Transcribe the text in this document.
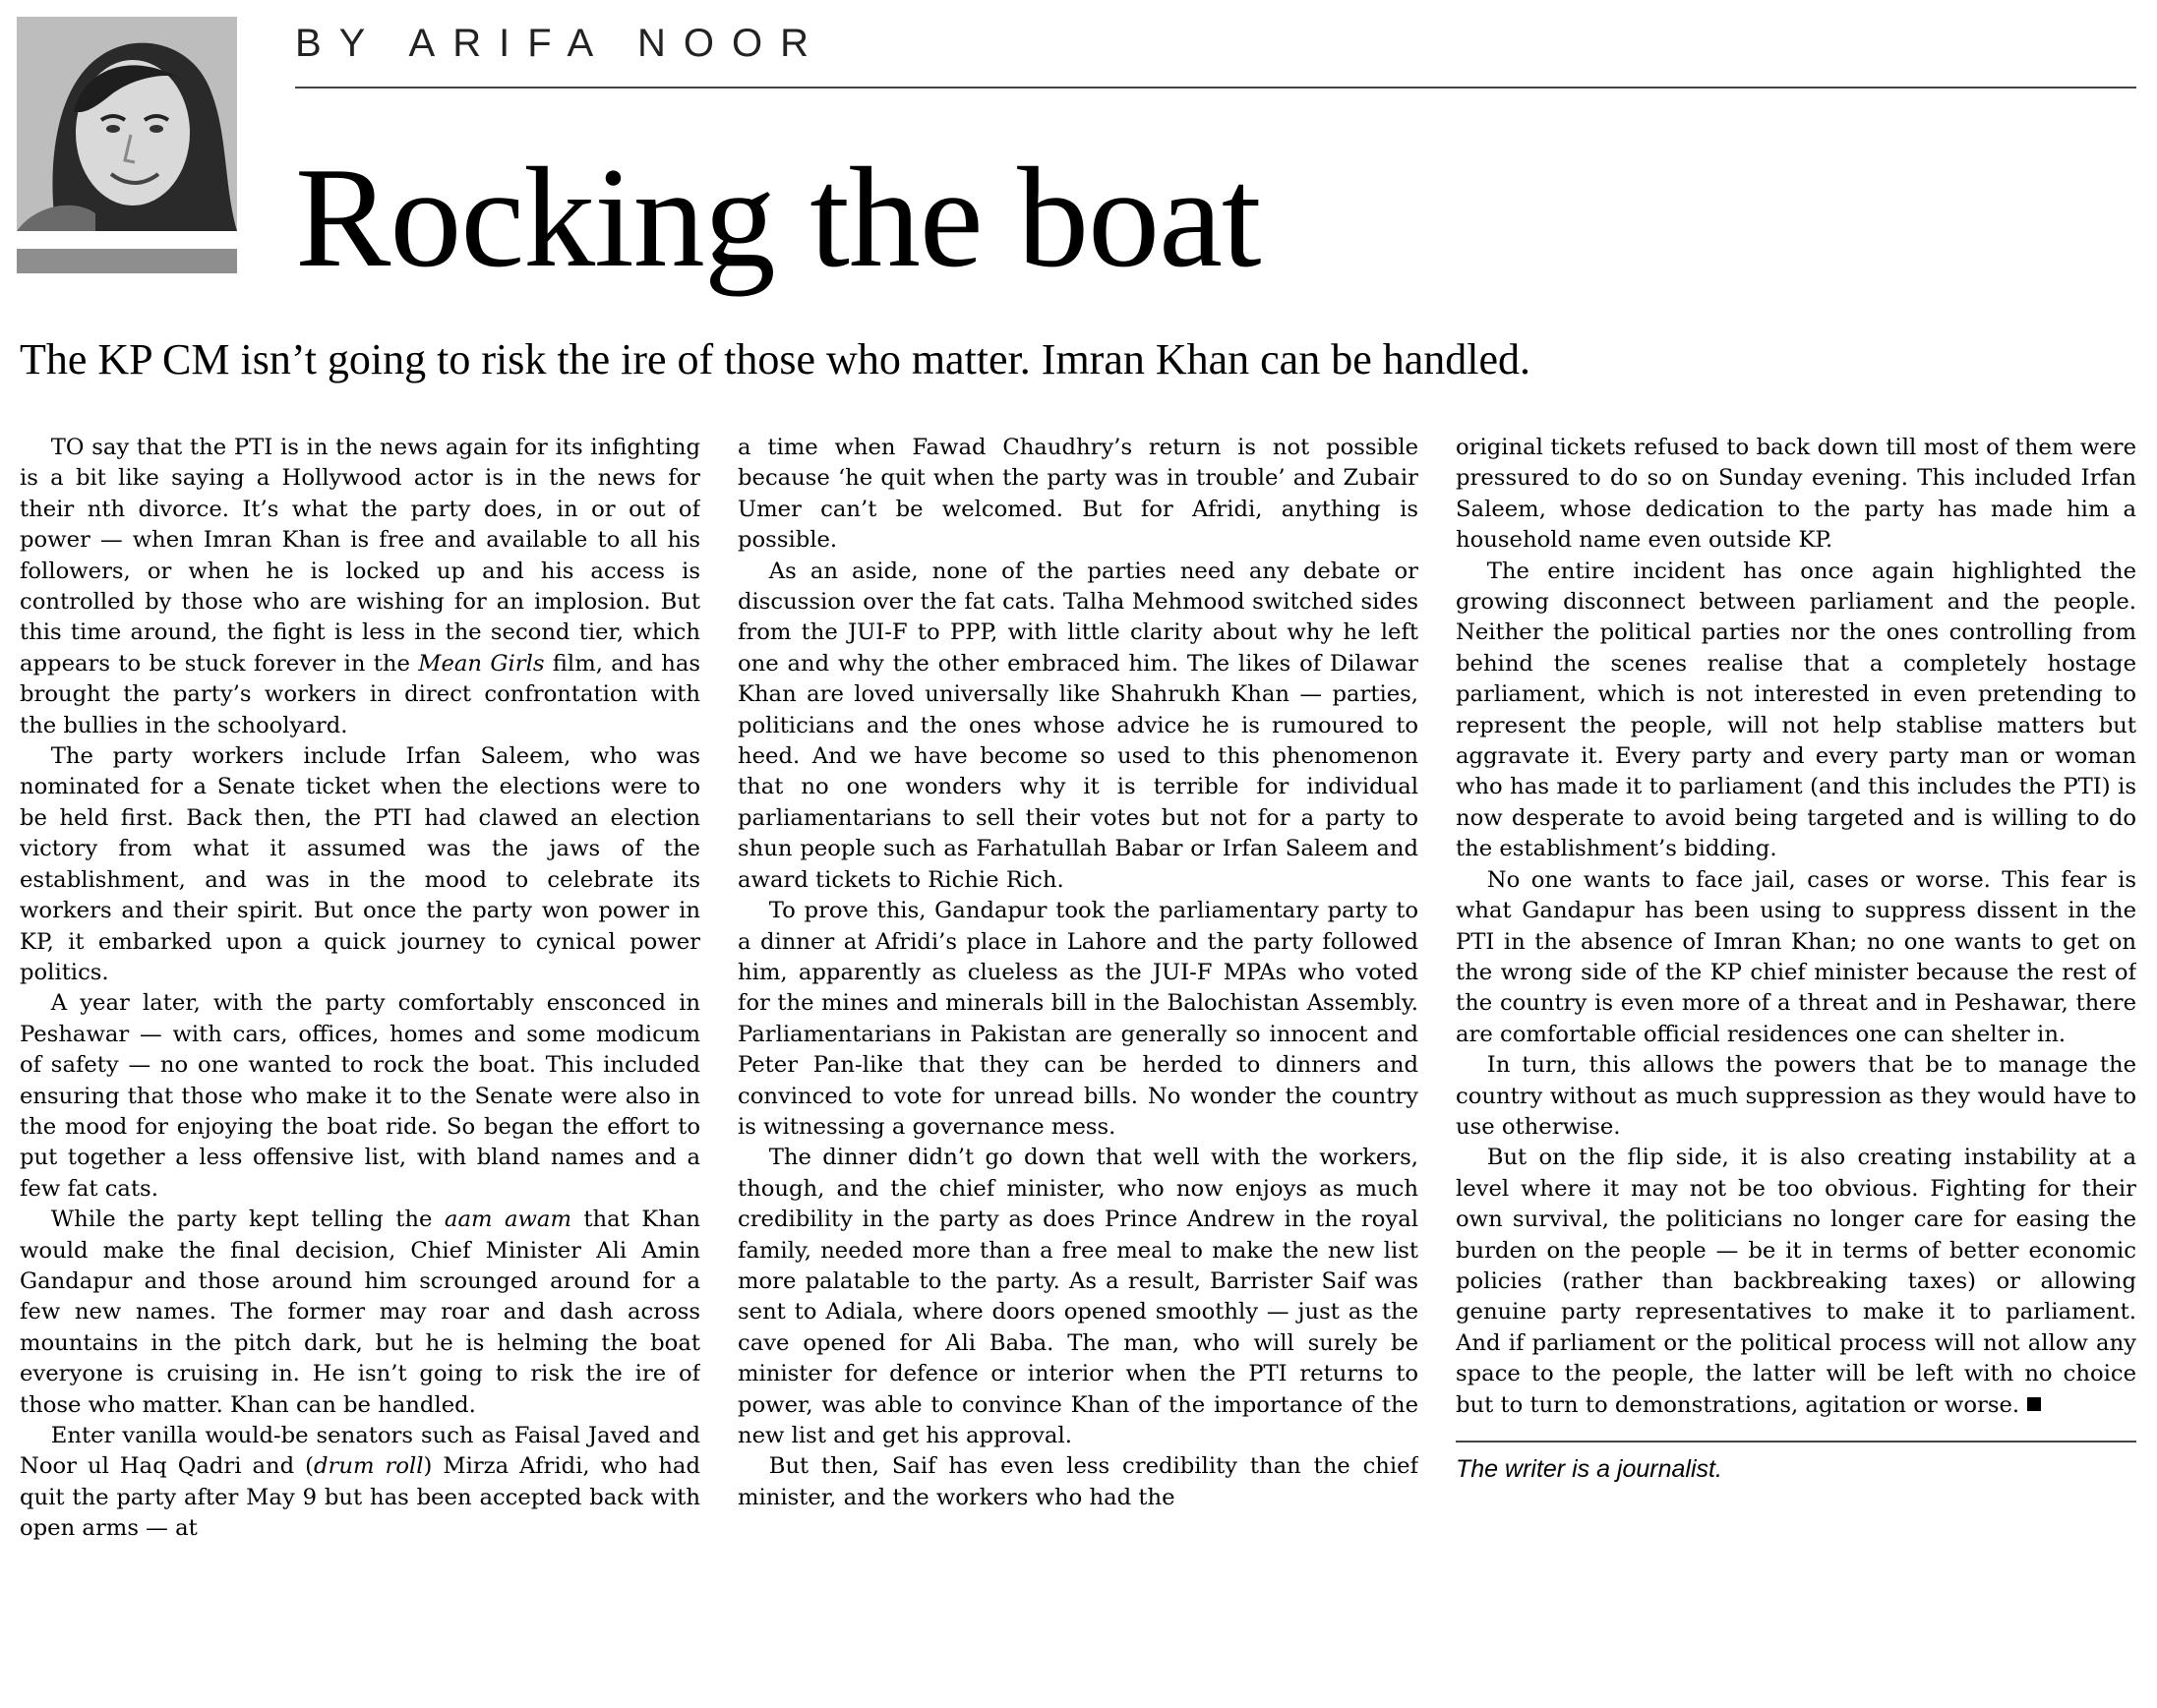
BY ARIFA NOOR
Rocking the boat
The KP CM isn’t going to risk the ire of those who matter. Imran Khan can be handled.

TO say that the PTI is in the news again for its infighting is a bit like saying a Hollywood actor is in the news for their nth divorce. It’s what the party does, in or out of power — when Imran Khan is free and available to all his followers, or when he is locked up and his access is controlled by those who are wishing for an implosion. But this time around, the fight is less in the second tier, which appears to be stuck forever in the Mean Girls film, and has brought the party’s workers in direct confrontation with the bullies in the schoolyard.

The party workers include Irfan Saleem, who was nominated for a Senate ticket when the elections were to be held first. Back then, the PTI had clawed an election victory from what it assumed was the jaws of the establishment, and was in the mood to celebrate its workers and their spirit. But once the party won power in KP, it embarked upon a quick journey to cynical power politics.

A year later, with the party comfortably ensconced in Peshawar — with cars, offices, homes and some modicum of safety — no one wanted to rock the boat. This included ensuring that those who make it to the Senate were also in the mood for enjoying the boat ride. So began the effort to put together a less offensive list, with bland names and a few fat cats.

While the party kept telling the aam awam that Khan would make the final decision, Chief Minister Ali Amin Gandapur and those around him scrounged around for a few new names. The former may roar and dash across mountains in the pitch dark, but he is helming the boat everyone is cruising in. He isn’t going to risk the ire of those who matter. Khan can be handled.

Enter vanilla would-be senators such as Faisal Javed and Noor ul Haq Qadri and (drum roll) Mirza Afridi, who had quit the party after May 9 but has been accepted back with open arms — at

a time when Fawad Chaudhry’s return is not possible because ‘he quit when the party was in trouble’ and Zubair Umer can’t be welcomed. But for Afridi, anything is possible.

As an aside, none of the parties need any debate or discussion over the fat cats. Talha Mehmood switched sides from the JUI-F to PPP, with little clarity about why he left one and why the other embraced him. The likes of Dilawar Khan are loved universally like Shahrukh Khan — parties, politicians and the ones whose advice he is rumoured to heed. And we have become so used to this phenomenon that no one wonders why it is terrible for individual parliamentarians to sell their votes but not for a party to shun people such as Farhatullah Babar or Irfan Saleem and award tickets to Richie Rich.

To prove this, Gandapur took the parliamentary party to a dinner at Afridi’s place in Lahore and the party followed him, apparently as clueless as the JUI-F MPAs who voted for the mines and minerals bill in the Balochistan Assembly. Parliamentarians in Pakistan are generally so innocent and Peter Pan-like that they can be herded to dinners and convinced to vote for unread bills. No wonder the country is witnessing a governance mess.

The dinner didn’t go down that well with the workers, though, and the chief minister, who now enjoys as much credibility in the party as does Prince Andrew in the royal family, needed more than a free meal to make the new list more palatable to the party. As a result, Barrister Saif was sent to Adiala, where doors opened smoothly — just as the cave opened for Ali Baba. The man, who will surely be minister for defence or interior when the PTI returns to power, was able to convince Khan of the importance of the new list and get his approval.

But then, Saif has even less credibility than the chief minister, and the workers who had the

original tickets refused to back down till most of them were pressured to do so on Sunday evening. This included Irfan Saleem, whose dedication to the party has made him a household name even outside KP.

The entire incident has once again highlighted the growing disconnect between parliament and the people. Neither the political parties nor the ones controlling from behind the scenes realise that a completely hostage parliament, which is not interested in even pretending to represent the people, will not help stablise matters but aggravate it. Every party and every party man or woman who has made it to parliament (and this includes the PTI) is now desperate to avoid being targeted and is willing to do the establishment’s bidding.

No one wants to face jail, cases or worse. This fear is what Gandapur has been using to suppress dissent in the PTI in the absence of Imran Khan; no one wants to get on the wrong side of the KP chief minister because the rest of the country is even more of a threat and in Peshawar, there are comfortable official residences one can shelter in.

In turn, this allows the powers that be to manage the country without as much suppression as they would have to use otherwise.

But on the flip side, it is also creating instability at a level where it may not be too obvious. Fighting for their own survival, the politicians no longer care for easing the burden on the people — be it in terms of better economic policies (rather than backbreaking taxes) or allowing genuine party representatives to make it to parliament. And if parliament or the political process will not allow any space to the people, the latter will be left with no choice but to turn to demonstrations, agitation or worse.

The writer is a journalist.
